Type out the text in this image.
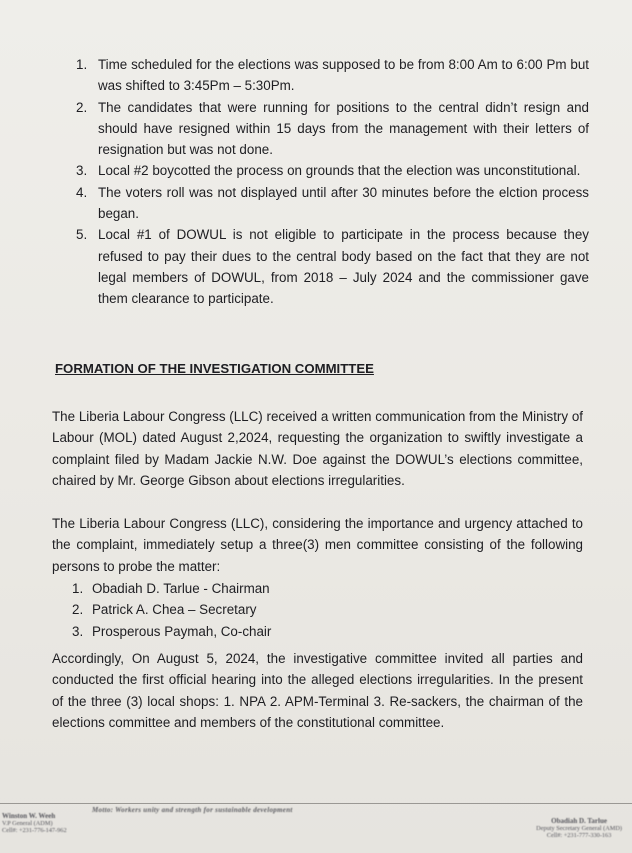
1. Time scheduled for the elections was supposed to be from 8:00 Am to 6:00 Pm but was shifted to 3:45Pm – 5:30Pm.
2. The candidates that were running for positions to the central didn’t resign and should have resigned within 15 days from the management with their letters of resignation but was not done.
3. Local #2 boycotted the process on grounds that the election was unconstitutional.
4. The voters roll was not displayed until after 30 minutes before the elction process began.
5. Local #1 of DOWUL is not eligible to participate in the process because they refused to pay their dues to the central body based on the fact that they are not legal members of DOWUL, from 2018 – July 2024 and the commissioner gave them clearance to participate.
FORMATION OF THE INVESTIGATION COMMITTEE

The Liberia Labour Congress (LLC) received a written communication from the Ministry of Labour (MOL) dated August 2,2024, requesting the organization to swiftly investigate a complaint filed by Madam Jackie N.W. Doe against the DOWUL’s elections committee, chaired by Mr. George Gibson about elections irregularities.

The Liberia Labour Congress (LLC), considering the importance and urgency attached to the complaint, immediately setup a three(3) men committee consisting of the following persons to probe the matter:

1. Obadiah D. Tarlue - Chairman
2. Patrick A. Chea – Secretary
3. Prosperous Paymah, Co-chair

Accordingly, On August 5, 2024, the investigative committee invited all parties and conducted the first official hearing into the alleged elections irregularities. In the present of the three (3) local shops: 1. NPA 2. APM-Terminal 3. Re-sackers, the chairman of the elections committee and members of the constitutional committee.

Motto: Workers unity and strength for sustainable development
Winston W. Weeh
V.P General (ADM)
Cell#: +231-776-147-962
Obadiah D. Tarlue
Deputy Secretary General (AMD)
Cell#: +231-777-330-163
